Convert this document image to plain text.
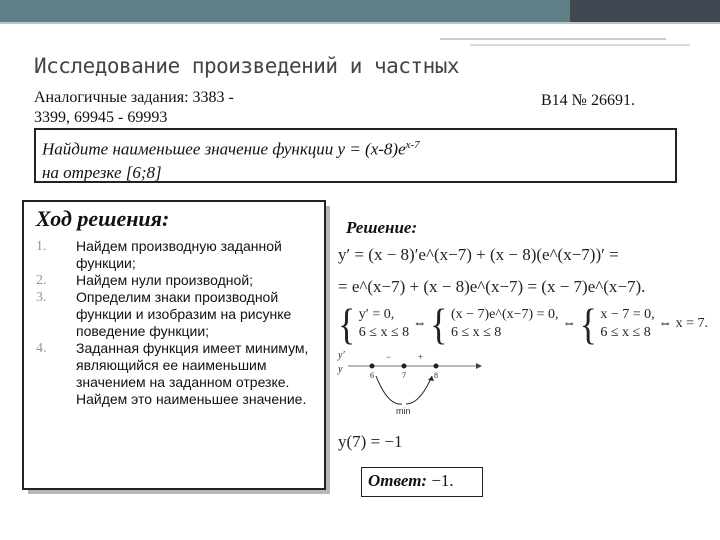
Исследование произведений и частных
Аналогичные задания: 3383 -
3399, 69945 - 69993
B14 № 26691.
Найдите наименьшее значение функции $y = (x-8)e^{x-7}$
на отрезке [6;8]
Ход решения:
1. Найдем производную заданной функции;
2. Найдем нули производной;
3. Определим знаки производной функции и изобразим на рисунке поведение функции;
4. Заданная функция имеет минимум, являющийся ее наименьшим значением на заданном отрезке. Найдем это наименьшее значение.
Решение:
y′ = (x − 8)′e^(x−7) + (x − 8)(e^(x−7))′ =
= e^(x−7) + (x − 8)e^(x−7) = (x − 7)e^(x−7).
{ y′ = 0,
6 ≤ x ≤ 8 ⇔ { (x − 7)e^(x−7) = 0,
6 ≤ x ≤ 8 ⇔ { x − 7 = 0,
6 ≤ x ≤ 8 ⇔ x = 7.
y′
y
6	7	8
−	+
min
y(7) = −1
Ответ: −1.
